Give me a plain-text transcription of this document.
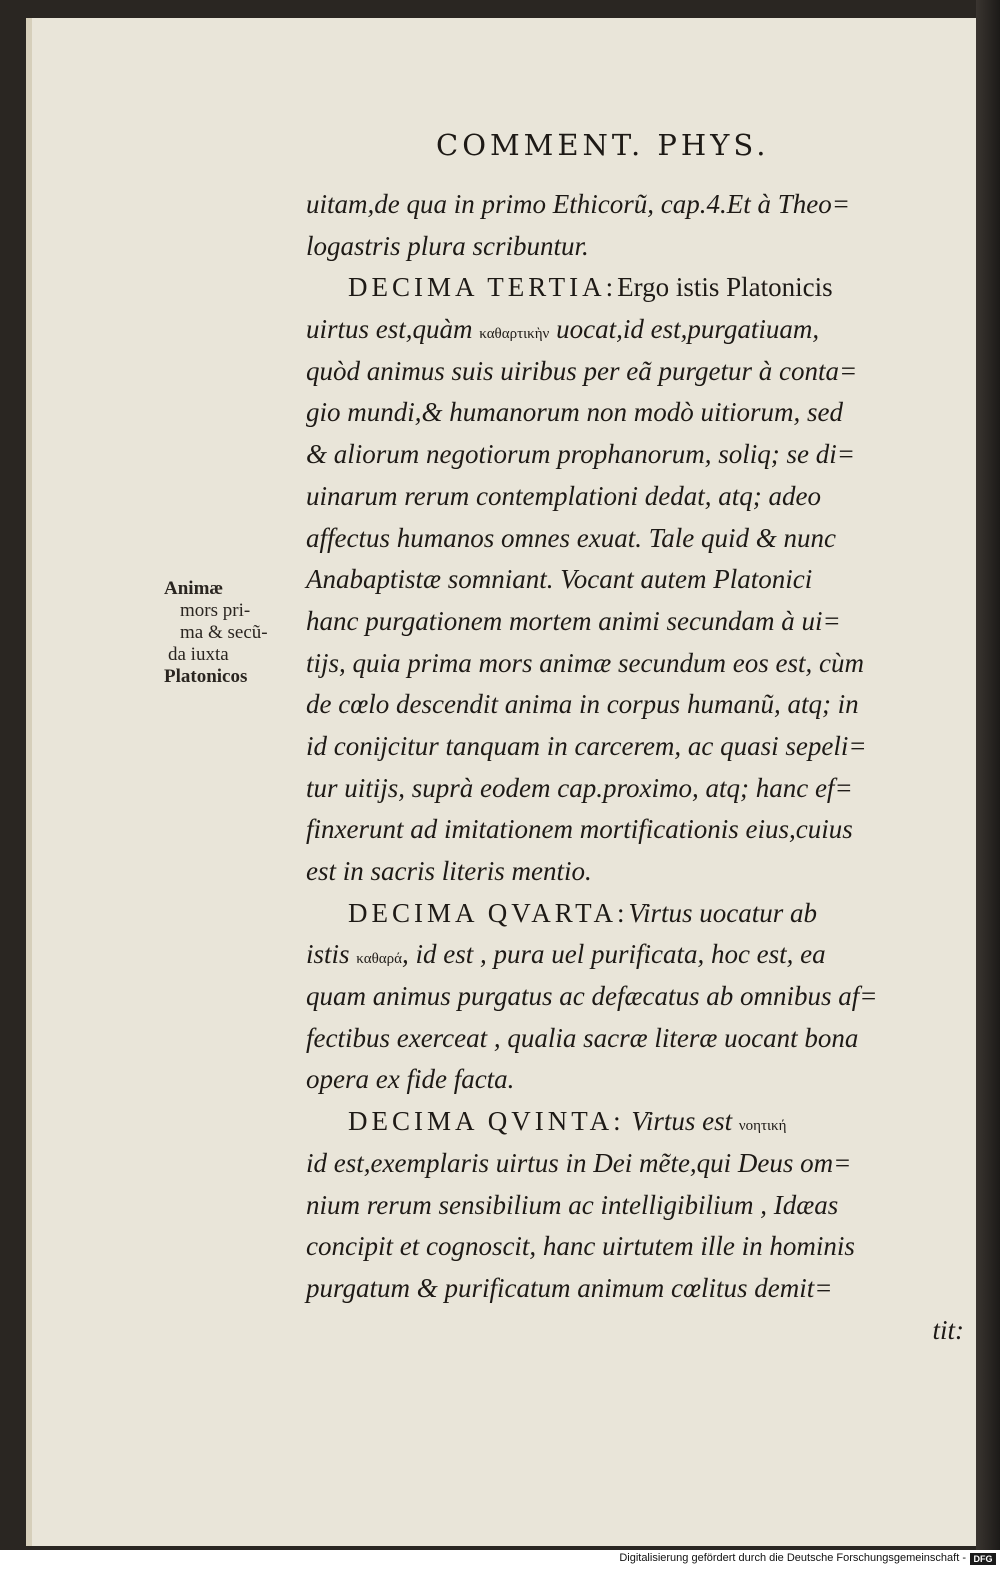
COMMENT. PHYS.
uitam,de qua in primo Ethicorũ, cap.4.Et à Theo=
logastris plura scribuntur.
DECIMA TERTIA:Ergo istis Platonicis
uirtus est,quàm καθαρτικὴν uocat,id est,purgatiuam,
quòd animus suis uiribus per eã purgetur à conta=
gio mundi,& humanorum non modò uitiorum, sed
& aliorum negotiorum prophanorum, soliq; se di=
uinarum rerum contemplationi dedat, atq; adeo
affectus humanos omnes exuat. Tale quid & nunc
Anabaptistæ somniant. Vocant autem Platonici
hanc purgationem mortem animi secundam à ui=
tijs, quia prima mors animæ secundum eos est, cùm
de cœlo descendit anima in corpus humanũ, atq; in
id conijcitur tanquam in carcerem, ac quasi sepeli=
tur uitijs, suprà eodem cap.proximo, atq; hanc ef=
finxerunt ad imitationem mortificationis eius,cuius
est in sacris literis mentio.
DECIMA QVARTA:Virtus uocatur ab
istis καθαρά, id est , pura uel purificata, hoc est, ea
quam animus purgatus ac defæcatus ab omnibus af=
fectibus exerceat , qualia sacræ literæ uocant bona
opera ex fide facta.
DECIMA QVINTA: Virtus est νοητική
id est,exemplaris uirtus in Dei mẽte,qui Deus om=
nium rerum sensibilium ac intelligibilium , Idæas
concipit et cognoscit, hanc uirtutem ille in hominis
purgatum & purificatum animum cœlitus demit=
tit:
Animæ
mors pri-
ma & secũ-
da iuxta
Platonicos
Digitalisierung gefördert durch die Deutsche Forschungsgemeinschaft - DFG
